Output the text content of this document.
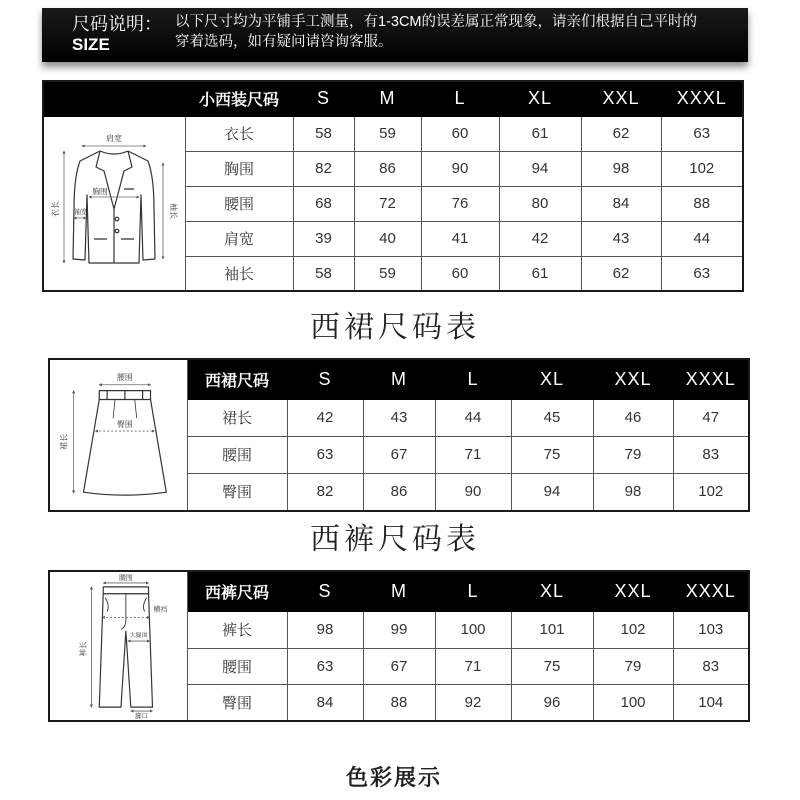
尺码说明：
SIZE
以下尺寸均为平铺手工测量，有1-3CM的误差属正常现象，请亲们根据自己平时的
穿着选码，如有疑问请咨询客服。
	小西装尺码	S	M	L	XL	XXL	XXXL

肩宽
胸围
袖宽
衣长 袖长	衣长	58	59	60	61	62	63
	胸围	82	86	90	94	98	102
	腰围	68	72	76	80	84	88
	肩宽	39	40	41	42	43	44
	袖长	58	59	60	61	62	63
西裙尺码表
腰围
臀围
裙长	西裙尺码	S	M	L	XL	XXL	XXXL
	裙长	42	43	44	45	46	47
	腰围	63	67	71	75	79	83
	臀围	82	86	90	94	98	102
西裤尺码表
腰围
横裆
大腿围
裤长
脚口	西裤尺码	S	M	L	XL	XXL	XXXL
	裤长	98	99	100	101	102	103
	腰围	63	67	71	75	79	83
	臀围	84	88	92	96	100	104
色彩展示
